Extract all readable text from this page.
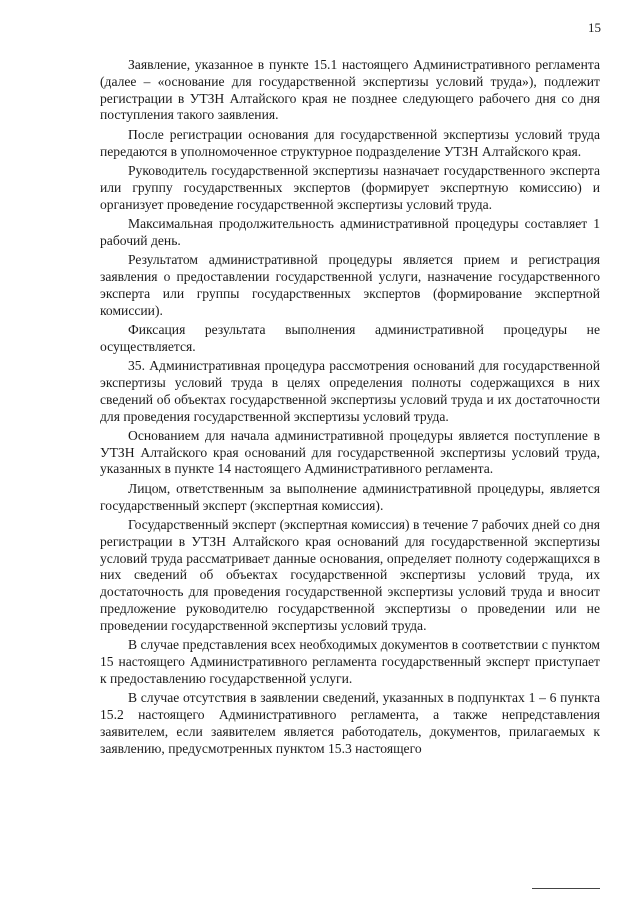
15

Заявление, указанное в пункте 15.1 настоящего Административного регламента (далее – «основание для государственной экспертизы условий труда»), подлежит регистрации в УТЗН Алтайского края не позднее следующего рабочего дня со дня поступления такого заявления.

После регистрации основания для государственной экспертизы условий труда передаются в уполномоченное структурное подразделение УТЗН Алтайского края.

Руководитель государственной экспертизы назначает государственного эксперта или группу государственных экспертов (формирует экспертную комиссию) и организует проведение государственной экспертизы условий труда.

Максимальная продолжительность административной процедуры составляет 1 рабочий день.

Результатом административной процедуры является прием и регистрация заявления о предоставлении государственной услуги, назначение государственного эксперта или группы государственных экспертов (формирование экспертной комиссии).

Фиксация результата выполнения административной процедуры не осуществляется.

35. Административная процедура рассмотрения оснований для государственной экспертизы условий труда в целях определения полноты содержащихся в них сведений об объектах государственной экспертизы условий труда и их достаточности для проведения государственной экспертизы условий труда.

Основанием для начала административной процедуры является поступление в УТЗН Алтайского края оснований для государственной экспертизы условий труда, указанных в пункте 14 настоящего Административного регламента.

Лицом, ответственным за выполнение административной процедуры, является государственный эксперт (экспертная комиссия).

Государственный эксперт (экспертная комиссия) в течение 7 рабочих дней со дня регистрации в УТЗН Алтайского края оснований для государственной экспертизы условий труда рассматривает данные основания, определяет полноту содержащихся в них сведений об объектах государственной экспертизы условий труда, их достаточность для проведения государственной экспертизы условий труда и вносит предложение руководителю государственной экспертизы о проведении или не проведении государственной экспертизы условий труда.

В случае представления всех необходимых документов в соответствии с пунктом 15 настоящего Административного регламента государственный эксперт приступает к предоставлению государственной услуги.

В случае отсутствия в заявлении сведений, указанных в подпунктах 1 – 6 пункта 15.2 настоящего Административного регламента, а также непредставления заявителем, если заявителем является работодатель, документов, прилагаемых к заявлению, предусмотренных пунктом 15.3 настоящего
